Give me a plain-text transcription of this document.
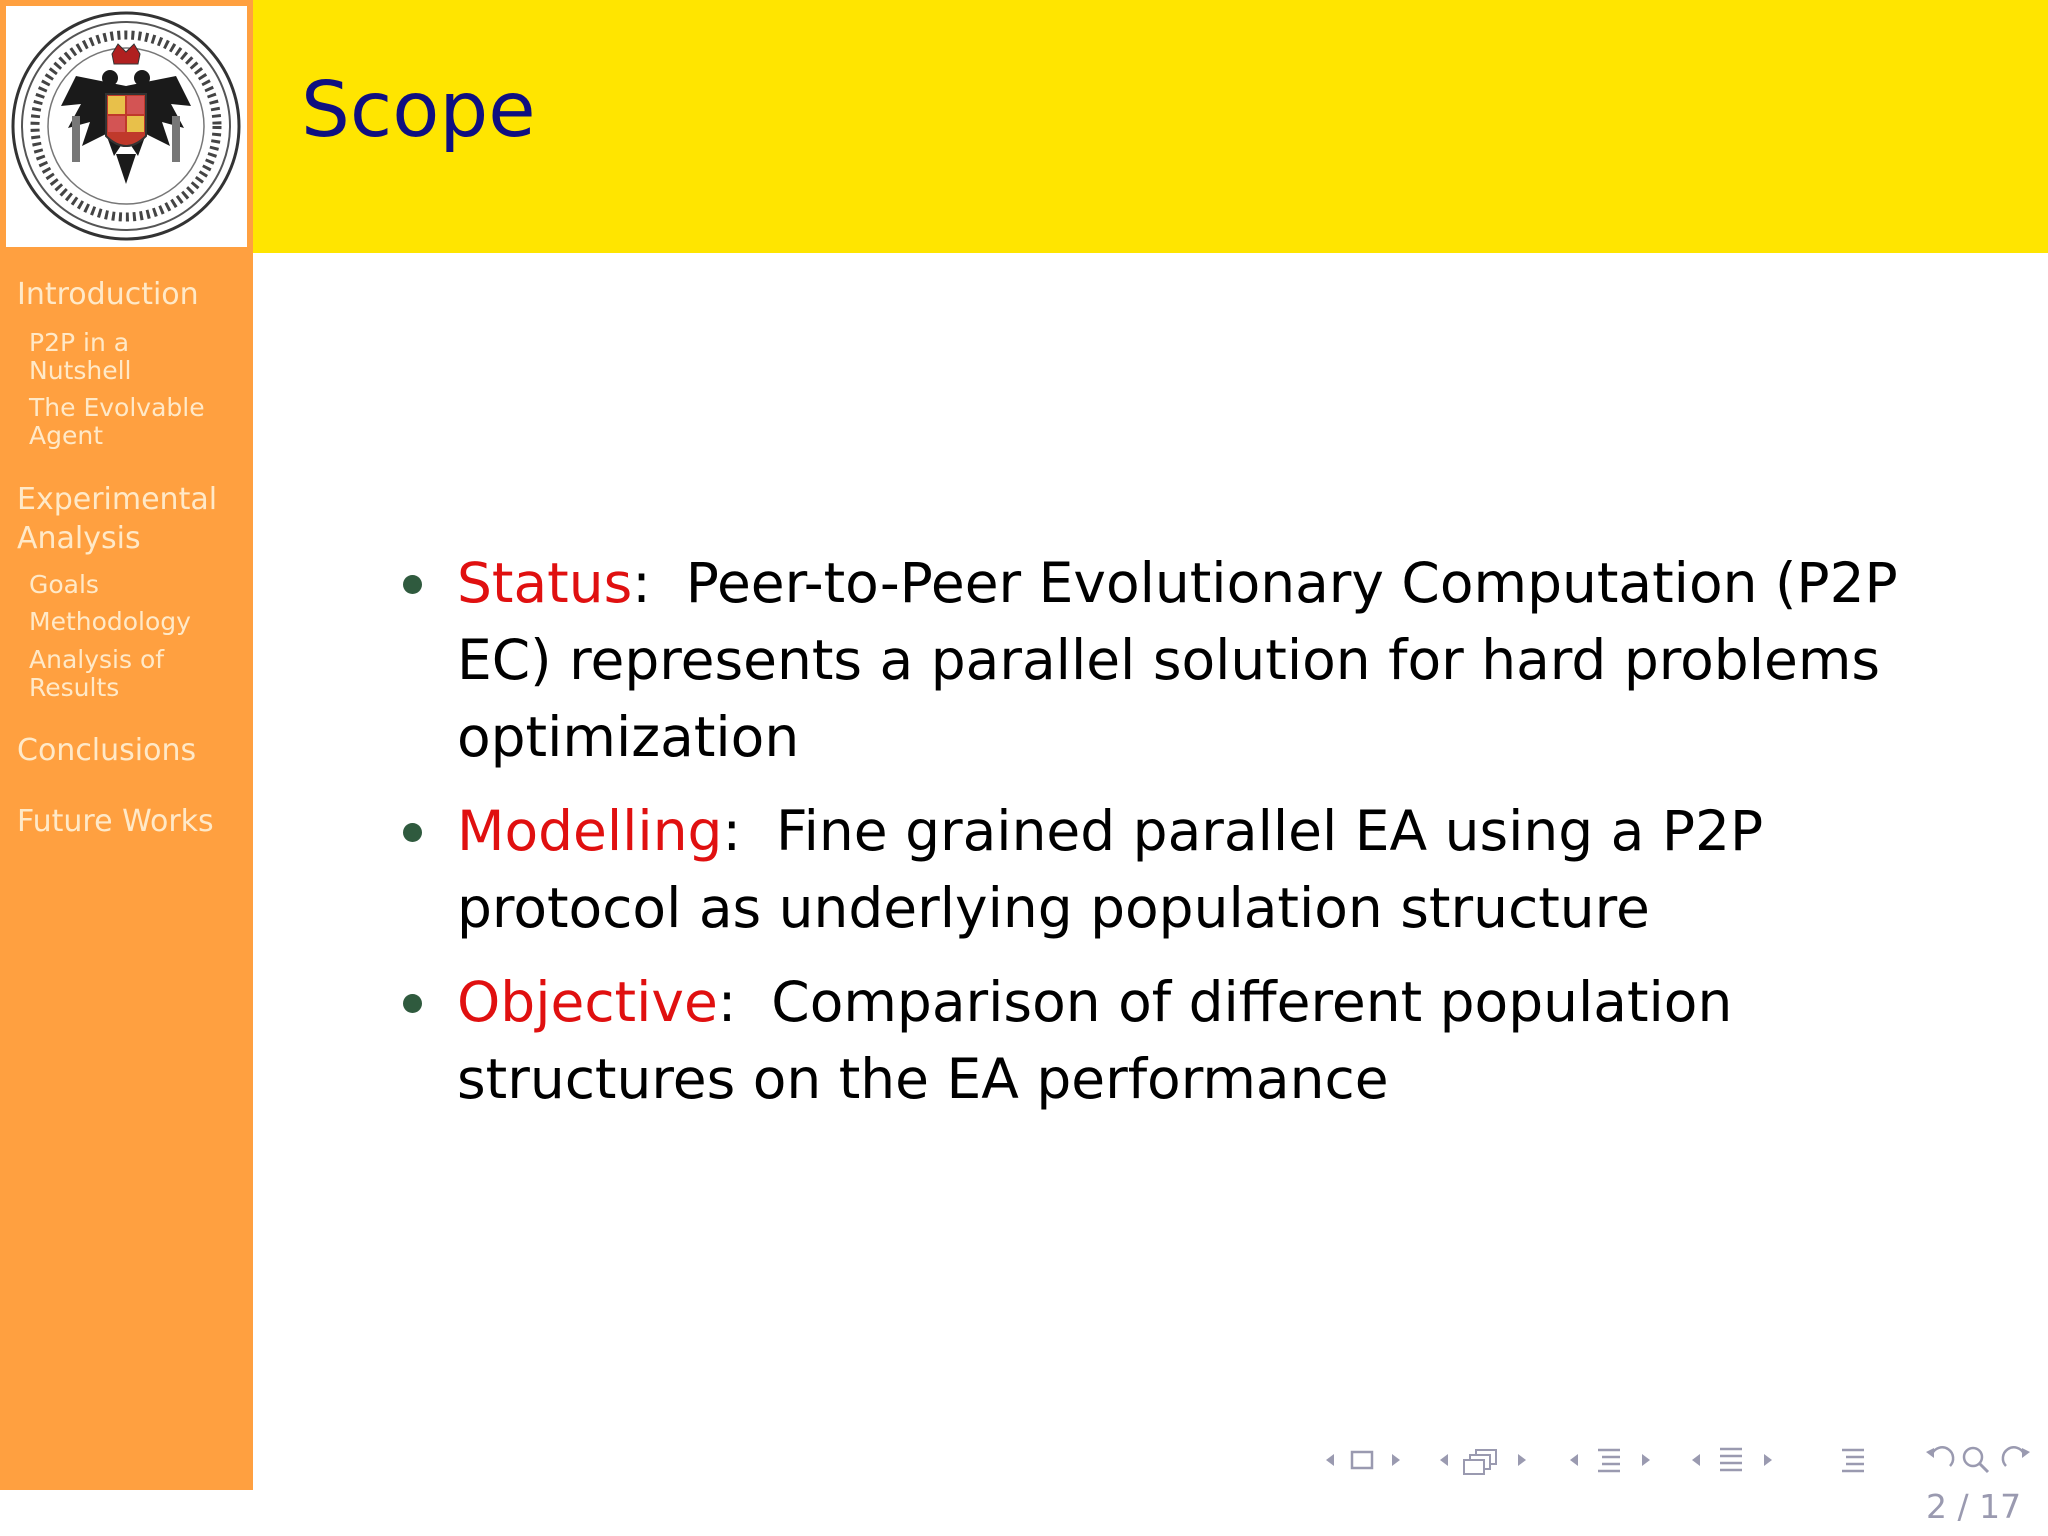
Scope
Introduction
P2P in a
Nutshell
The Evolvable
Agent
Experimental
Analysis
Goals
Methodology
Analysis of
Results
Conclusions
Future Works
Status:  Peer-to-Peer Evolutionary Computation (P2P EC) represents a parallel solution for hard problems optimization
Modelling:  Fine grained parallel EA using a P2P protocol as underlying population structure
Objective:  Comparison of different population structures on the EA performance
2 / 17
